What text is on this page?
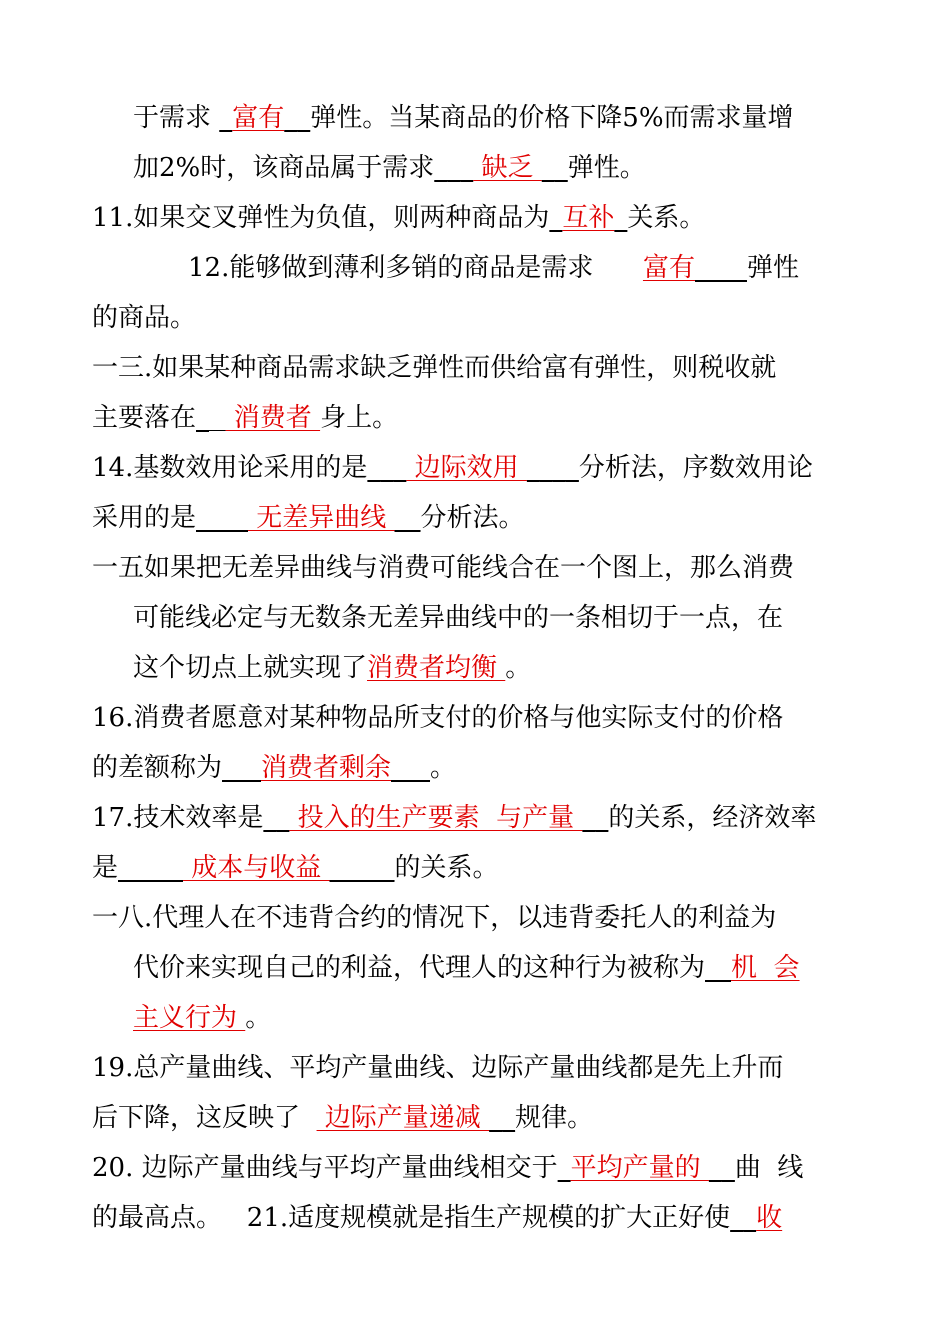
于需求 _富有__弹性。当某商品的价格下降5%而需求量增
加2%时，该商品属于需求___ 缺乏 __弹性。
11.如果交叉弹性为负值，则两种商品为_互补_关系。
12.能够做到薄利多销的商品是需求 富有____弹性
的商品。
一三.如果某种商品需求缺乏弹性而供给富有弹性，则税收就
主要落在_   消费者 身上。
14.基数效用论采用的是___ 边际效用 ____分析法，序数效用论
采用的是____ 无差异曲线 __分析法。
一五如果把无差异曲线与消费可能线合在一个图上，那么消费
可能线必定与无数条无差异曲线中的一条相切于一点，在
这个切点上就实现了消费者均衡 。
16.消费者愿意对某种物品所支付的价格与他实际支付的价格
的差额称为___消费者剩余___。
17.技术效率是__ 投入的生产要素  与产量 __的关系，经济效率
是_____ 成本与收益 _____的关系。
一八.代理人在不违背合约的情况下，以违背委托人的利益为
代价来实现自己的利益，代理人的这种行为被称为__机  会
主义行为 。
19.总产量曲线、平均产量曲线、边际产量曲线都是先上升而
后下降，这反映了   边际产量递减 __规律。
20. 边际产量曲线与平均产量曲线相交于_平均产量的 __曲  线
的最高点。   21.适度规模就是指生产规模的扩大正好使__收
